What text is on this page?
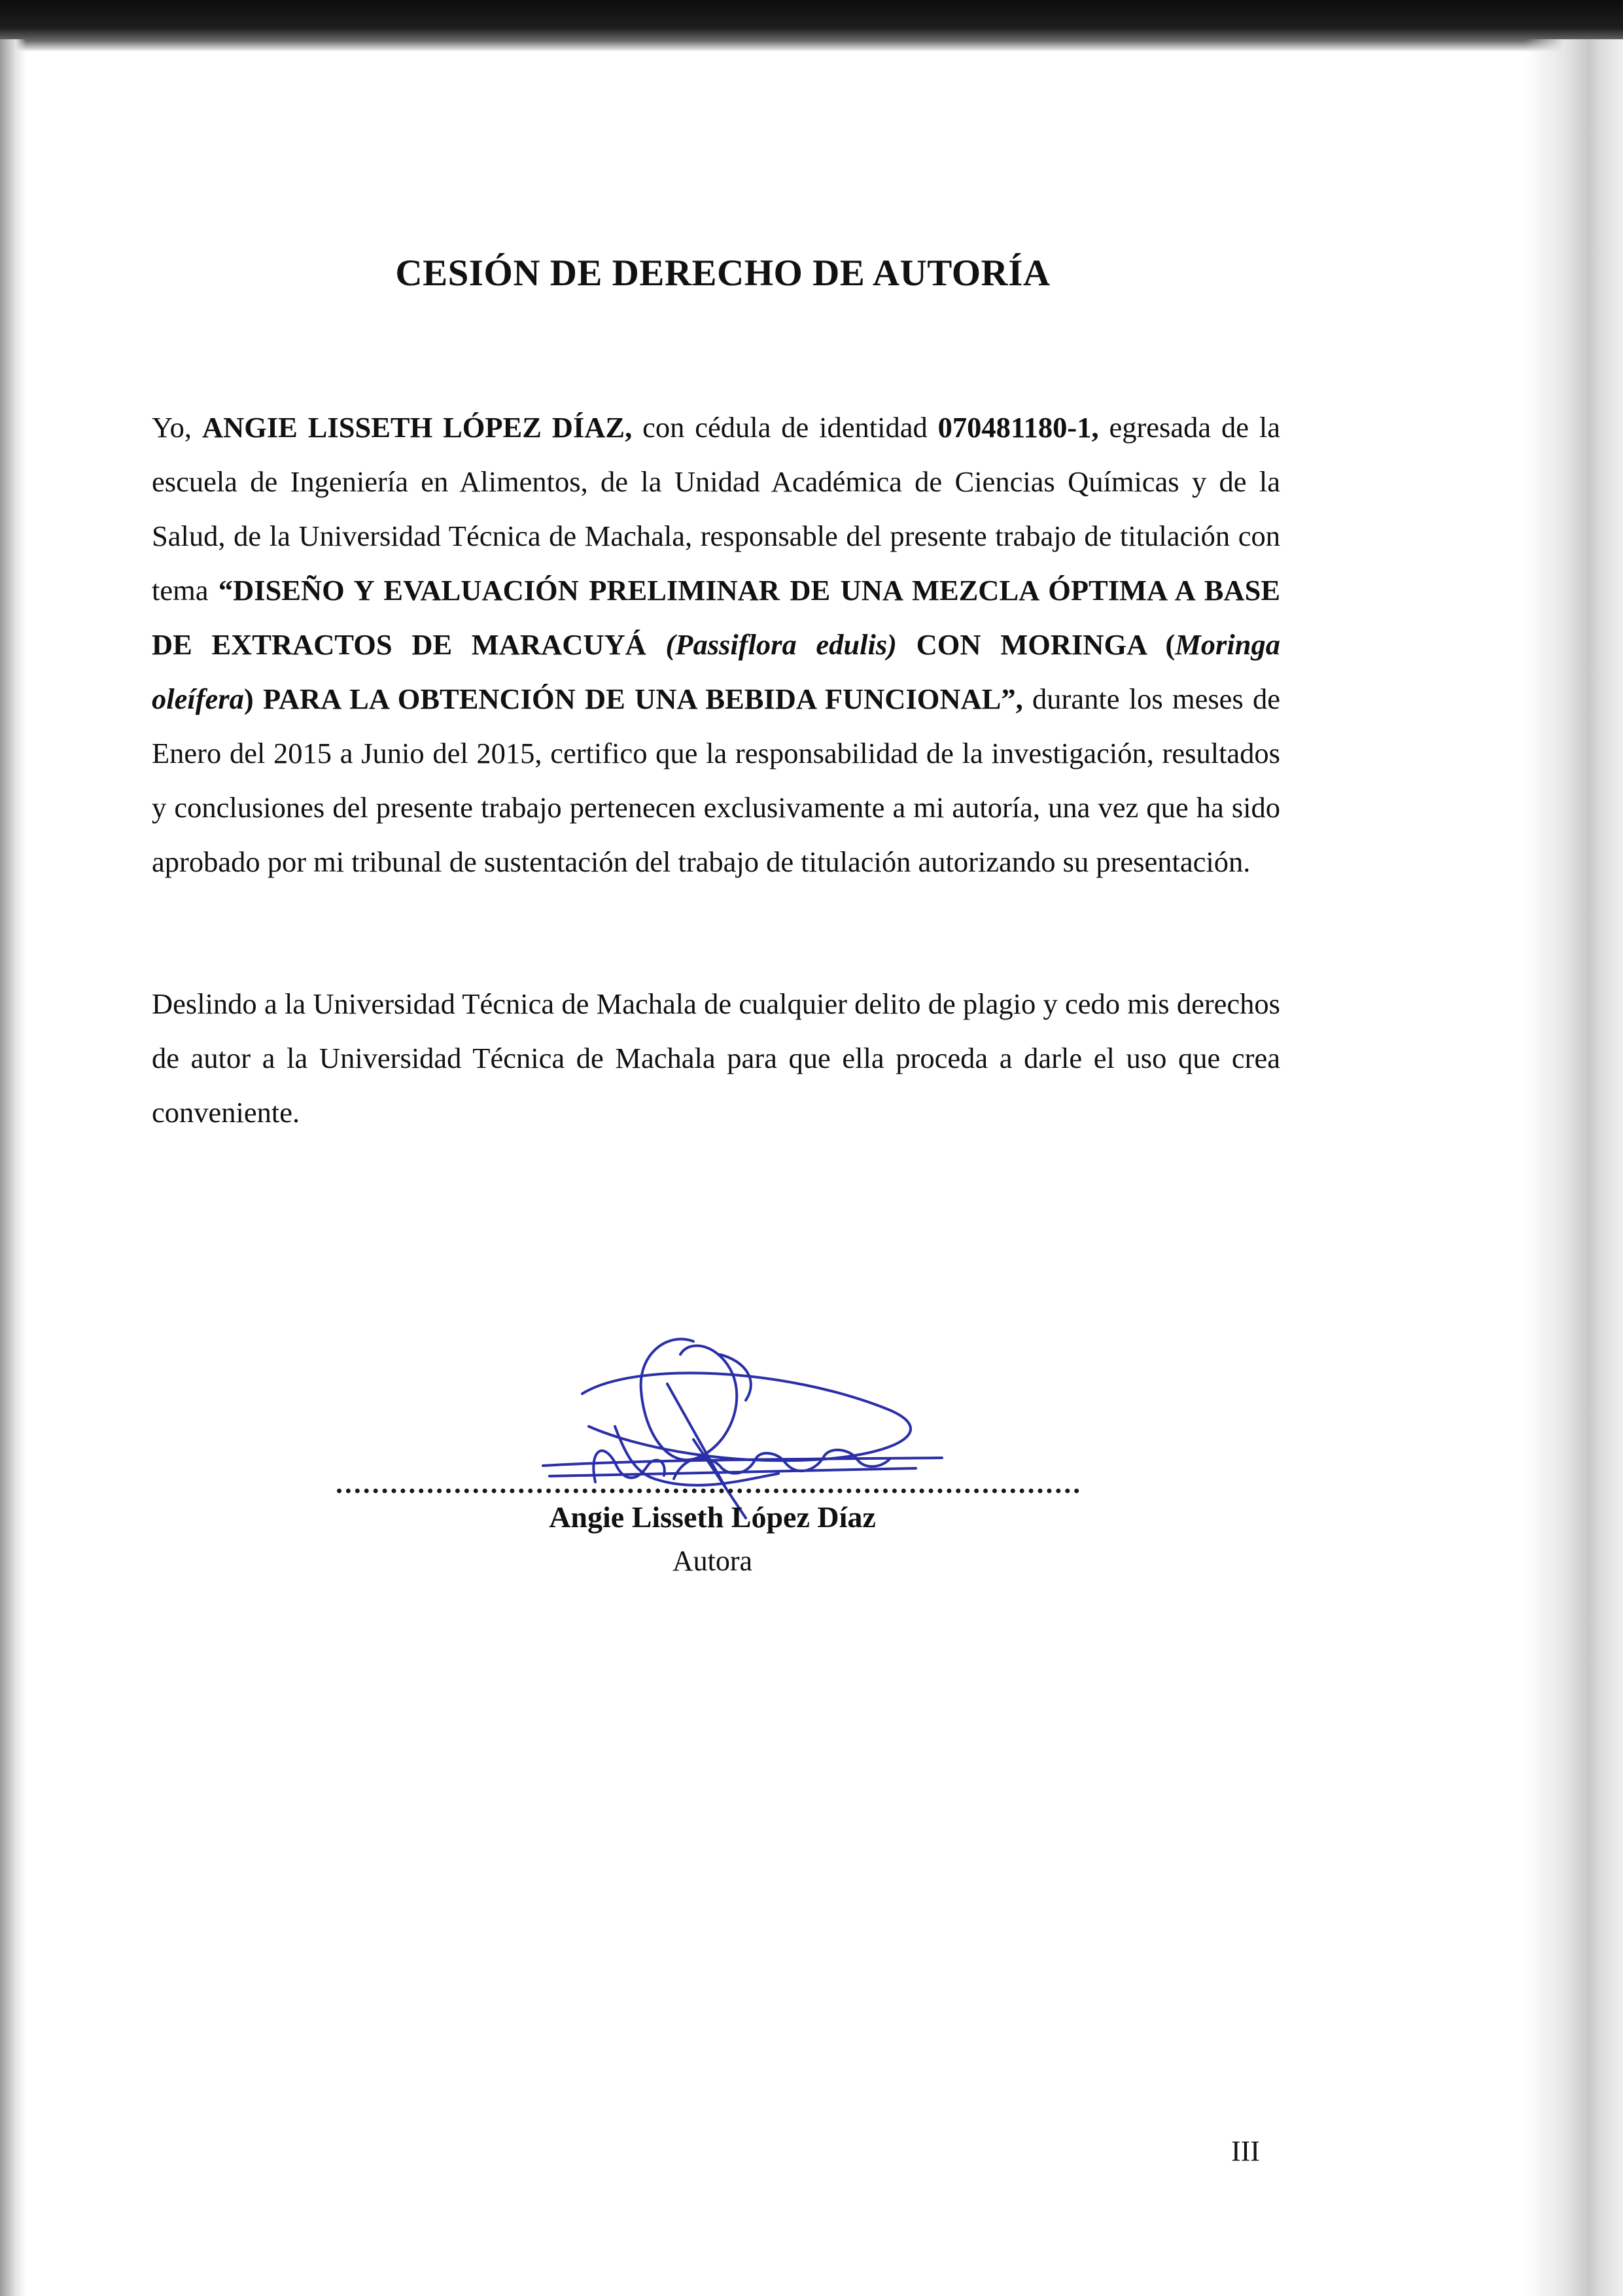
CESIÓN DE DERECHO DE AUTORÍA

Yo, ANGIE LISSETH LÓPEZ DÍAZ, con cédula de identidad 070481180-1, egresada de la escuela de Ingeniería en Alimentos, de la Unidad Académica de Ciencias Químicas y de la Salud, de la Universidad Técnica de Machala, responsable del presente trabajo de titulación con tema “DISEÑO Y EVALUACIÓN PRELIMINAR DE UNA MEZCLA ÓPTIMA A BASE DE EXTRACTOS DE MARACUYÁ (Passiflora edulis) CON MORINGA (Moringa oleífera) PARA LA OBTENCIÓN DE UNA BEBIDA FUNCIONAL”, durante los meses de Enero del 2015 a Junio del 2015, certifico que la responsabilidad de la investigación, resultados y conclusiones del presente trabajo pertenecen exclusivamente a mi autoría, una vez que ha sido aprobado por mi tribunal de sustentación del trabajo de titulación autorizando su presentación.

Deslindo a la Universidad Técnica de Machala de cualquier delito de plagio y cedo mis derechos de autor a la Universidad Técnica de Machala para que ella proceda a darle el uso que crea conveniente.

Angie Lisseth López Díaz
Autora
III
